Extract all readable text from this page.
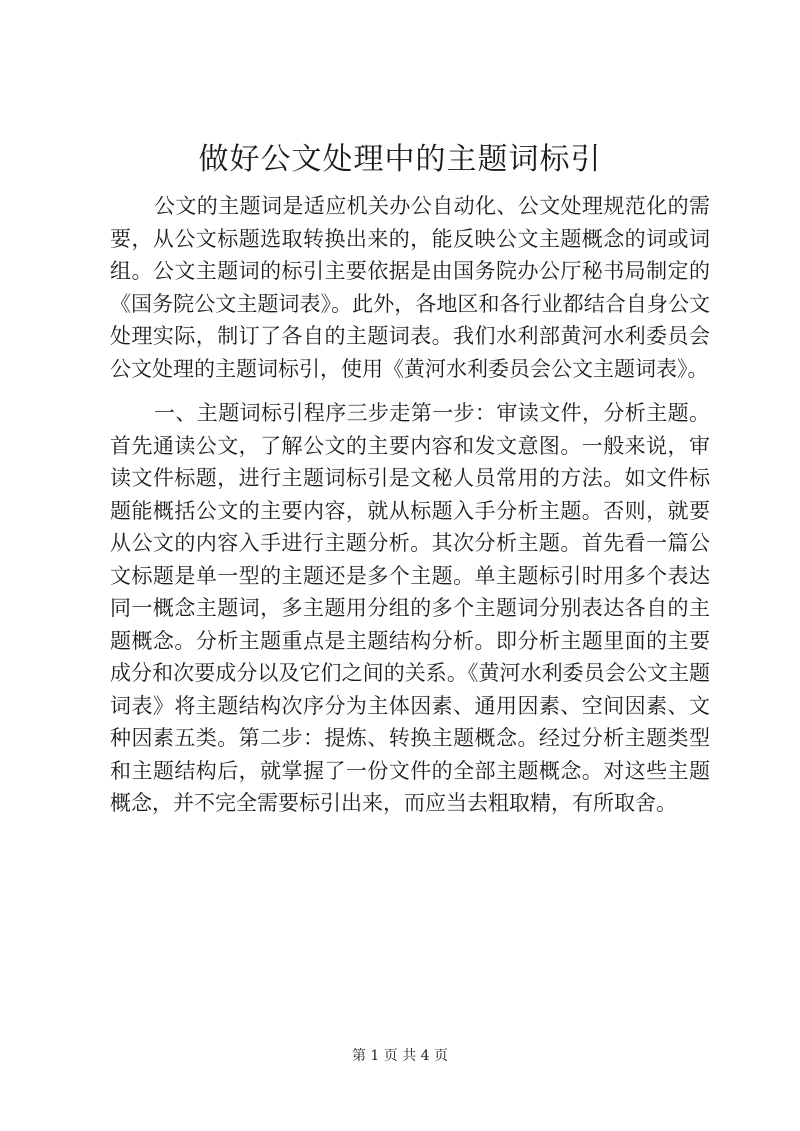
做好公文处理中的主题词标引

公文的主题词是适应机关办公自动化、公文处理规范化的需要，从公文标题选取转换出来的，能反映公文主题概念的词或词组。公文主题词的标引主要依据是由国务院办公厅秘书局制定的《国务院公文主题词表》。此外，各地区和各行业都结合自身公文处理实际，制订了各自的主题词表。我们水利部黄河水利委员会公文处理的主题词标引，使用《黄河水利委员会公文主题词表》。

一、主题词标引程序三步走第一步：审读文件，分析主题。首先通读公文，了解公文的主要内容和发文意图。一般来说，审读文件标题，进行主题词标引是文秘人员常用的方法。如文件标题能概括公文的主要内容，就从标题入手分析主题。否则，就要从公文的内容入手进行主题分析。其次分析主题。首先看一篇公文标题是单一型的主题还是多个主题。单主题标引时用多个表达同一概念主题词，多主题用分组的多个主题词分别表达各自的主题概念。分析主题重点是主题结构分析。即分析主题里面的主要成分和次要成分以及它们之间的关系。《黄河水利委员会公文主题词表》将主题结构次序分为主体因素、通用因素、空间因素、文种因素五类。第二步：提炼、转换主题概念。经过分析主题类型和主题结构后，就掌握了一份文件的全部主题概念。对这些主题概念，并不完全需要标引出来，而应当去粗取精，有所取舍。

第 1 页 共 4 页
